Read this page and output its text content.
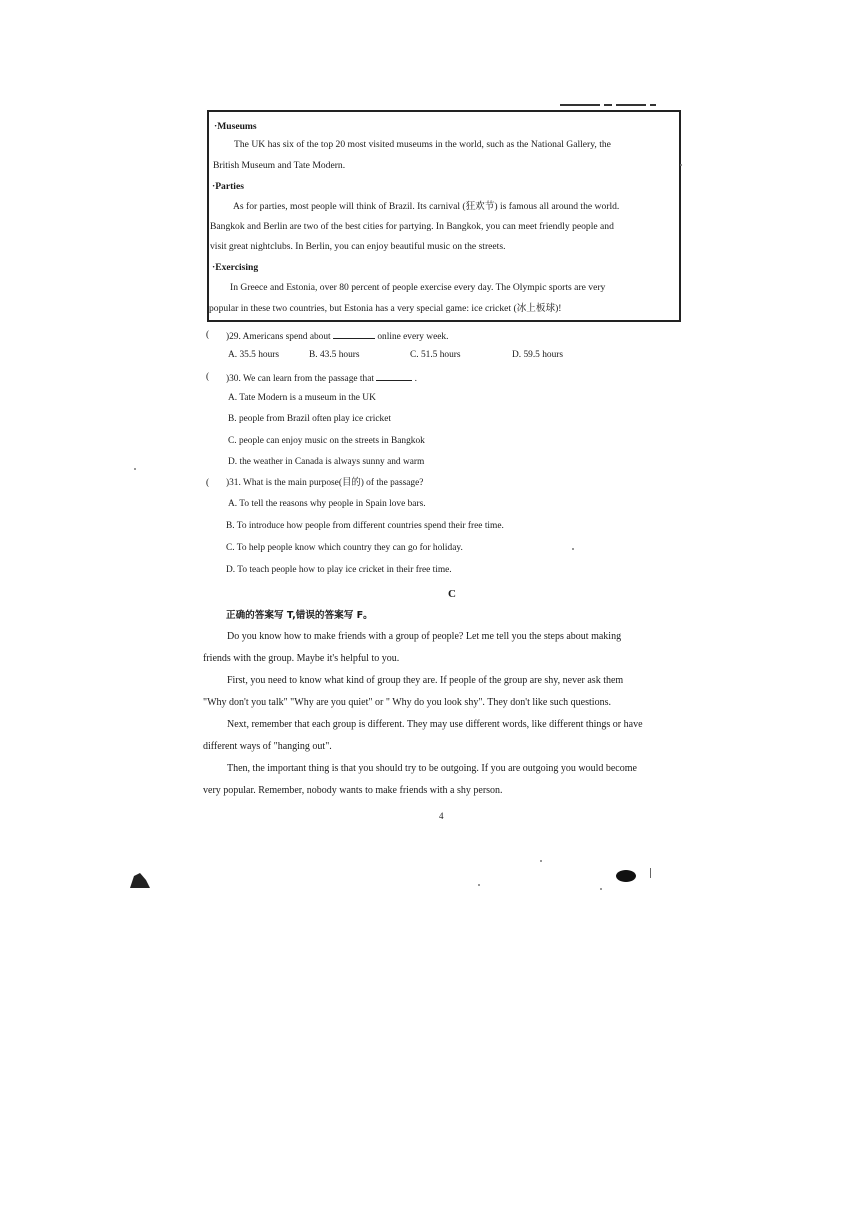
·Museums
The UK has six of the top 20 most visited museums in the world, such as the National Gallery, the
British Museum and Tate Modern.
·Parties
As for parties, most people will think of Brazil. Its carnival (狂欢节) is famous all around the world.
Bangkok and Berlin are two of the best cities for partying. In Bangkok, you can meet friendly people and
visit great nightclubs. In Berlin, you can enjoy beautiful music on the streets.
·Exercising
In Greece and Estonia, over 80 percent of people exercise every day. The Olympic sports are very
popular in these two countries, but Estonia has a very special game: ice cricket (冰上板球)!
( )29. Americans spend about	online every week.
A. 35.5 hours	B. 43.5 hours	C. 51.5 hours	D. 59.5 hours
( )30. We can learn from the passage that	.
A. Tate Modern is a museum in the UK
B. people from Brazil often play ice cricket
C. people can enjoy music on the streets in Bangkok
D. the weather in Canada is always sunny and warm
( )31. What is the main purpose(目的) of the passage?
A. To tell the reasons why people in Spain love bars.
B. To introduce how people from different countries spend their free time.
C. To help people know which country they can go for holiday.
D. To teach people how to play ice cricket in their free time.
C
正确的答案写 T,错误的答案写 F。
Do you know how to make friends with a group of people? Let me tell you the steps about making
friends with the group. Maybe it's helpful to you.
First, you need to know what kind of group they are. If people of the group are shy, never ask them
"Why don't you talk" "Why are you quiet" or " Why do you look shy". They don't like such questions.
Next, remember that each group is different. They may use different words, like different things or have
different ways of "hanging out".
Then, the important thing is that you should try to be outgoing. If you are outgoing you would become
very popular. Remember, nobody wants to make friends with a shy person.
4
